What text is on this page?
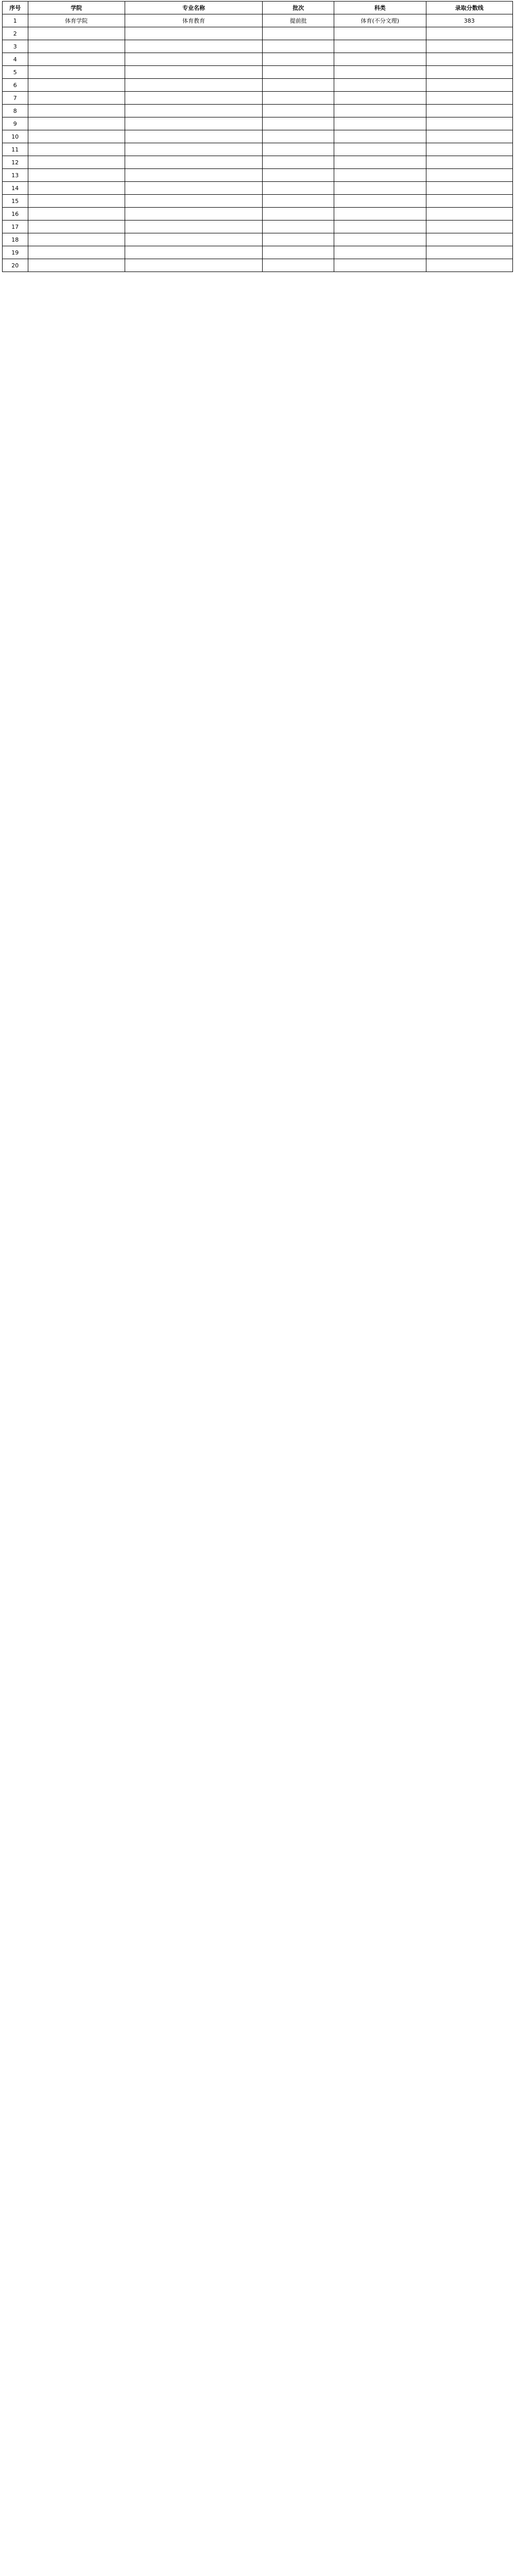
序号	学院	专业名称	批次	科类	录取分数线
1	体育学院	体育教育	提前批	体育(不分文理)	383
2					
3					
4					
5					
6					
7					
8					
9					
10					
11					
12					
13					
14					
15					
16					
17					
18					
19					
20					
